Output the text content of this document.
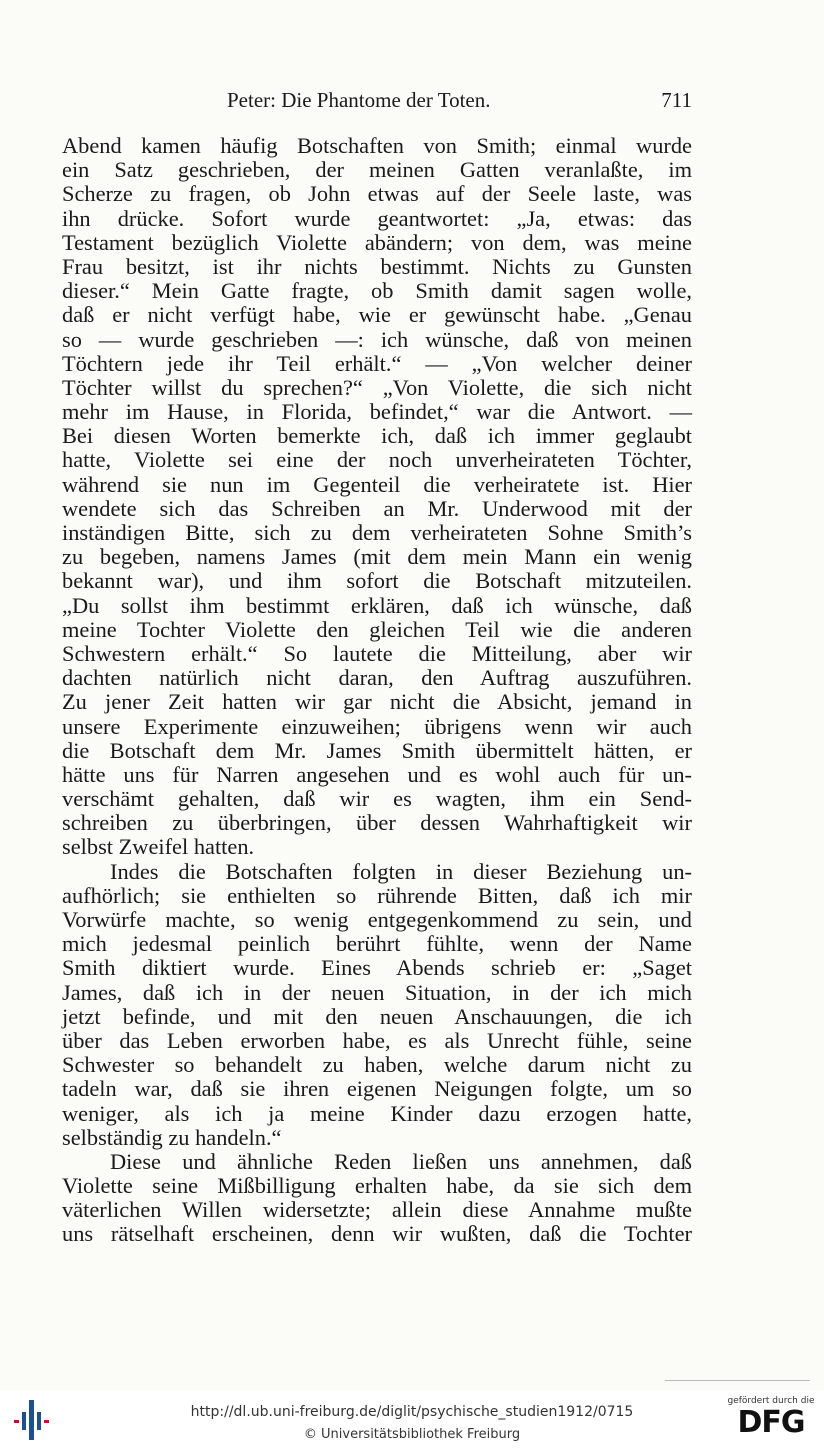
Peter: Die Phantome der Toten.	711
Abend kamen häufig Botschaften von Smith; einmal wurde
ein Satz geschrieben, der meinen Gatten veranlaßte, im
Scherze zu fragen, ob John etwas auf der Seele laste, was
ihn drücke. Sofort wurde geantwortet: „Ja, etwas: das
Testament bezüglich Violette abändern; von dem, was meine
Frau besitzt, ist ihr nichts bestimmt. Nichts zu Gunsten
dieser.“ Mein Gatte fragte, ob Smith damit sagen wolle,
daß er nicht verfügt habe, wie er gewünscht habe. „Genau
so — wurde geschrieben —: ich wünsche, daß von meinen
Töchtern jede ihr Teil erhält.“ — „Von welcher deiner
Töchter willst du sprechen?“ „Von Violette, die sich nicht
mehr im Hause, in Florida, befindet,“ war die Antwort. —
Bei diesen Worten bemerkte ich, daß ich immer geglaubt
hatte, Violette sei eine der noch unverheirateten Töchter,
während sie nun im Gegenteil die verheiratete ist. Hier
wendete sich das Schreiben an Mr. Underwood mit der
inständigen Bitte, sich zu dem verheirateten Sohne Smith’s
zu begeben, namens James (mit dem mein Mann ein wenig
bekannt war), und ihm sofort die Botschaft mitzuteilen.
„Du sollst ihm bestimmt erklären, daß ich wünsche, daß
meine Tochter Violette den gleichen Teil wie die anderen
Schwestern erhält.“ So lautete die Mitteilung, aber wir
dachten natürlich nicht daran, den Auftrag auszuführen.
Zu jener Zeit hatten wir gar nicht die Absicht, jemand in
unsere Experimente einzuweihen; übrigens wenn wir auch
die Botschaft dem Mr. James Smith übermittelt hätten, er
hätte uns für Narren angesehen und es wohl auch für un-
verschämt gehalten, daß wir es wagten, ihm ein Send-
schreiben zu überbringen, über dessen Wahrhaftigkeit wir
selbst Zweifel hatten.
Indes die Botschaften folgten in dieser Beziehung un-
aufhörlich; sie enthielten so rührende Bitten, daß ich mir
Vorwürfe machte, so wenig entgegenkommend zu sein, und
mich jedesmal peinlich berührt fühlte, wenn der Name
Smith diktiert wurde. Eines Abends schrieb er: „Saget
James, daß ich in der neuen Situation, in der ich mich
jetzt befinde, und mit den neuen Anschauungen, die ich
über das Leben erworben habe, es als Unrecht fühle, seine
Schwester so behandelt zu haben, welche darum nicht zu
tadeln war, daß sie ihren eigenen Neigungen folgte, um so
weniger, als ich ja meine Kinder dazu erzogen hatte,
selbständig zu handeln.“
Diese und ähnliche Reden ließen uns annehmen, daß
Violette seine Mißbilligung erhalten habe, da sie sich dem
väterlichen Willen widersetzte; allein diese Annahme mußte
uns rätselhaft erscheinen, denn wir wußten, daß die Tochter
http://dl.ub.uni-freiburg.de/diglit/psychische_studien1912/0715
© Universitätsbibliothek Freiburg
gefördert durch die
DFG
